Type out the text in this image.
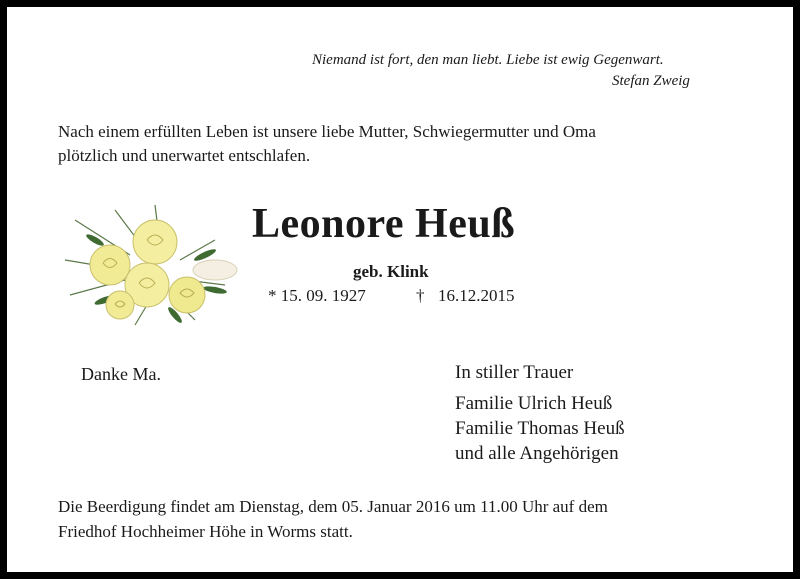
Niemand ist fort, den man liebt. Liebe ist ewig Gegenwart.
Stefan Zweig
Nach einem erfüllten Leben ist unsere liebe Mutter, Schwiegermutter und Oma
plötzlich und unerwartet entschlafen.
Leonore Heuß
geb. Klink
* 15. 09. 1927	† 16.12.2015
Danke Ma.	In stiller Trauer
Familie Ulrich Heuß
Familie Thomas Heuß
und alle Angehörigen
Die Beerdigung findet am Dienstag, dem 05. Januar 2016 um 11.00 Uhr auf dem
Friedhof Hochheimer Höhe in Worms statt.
